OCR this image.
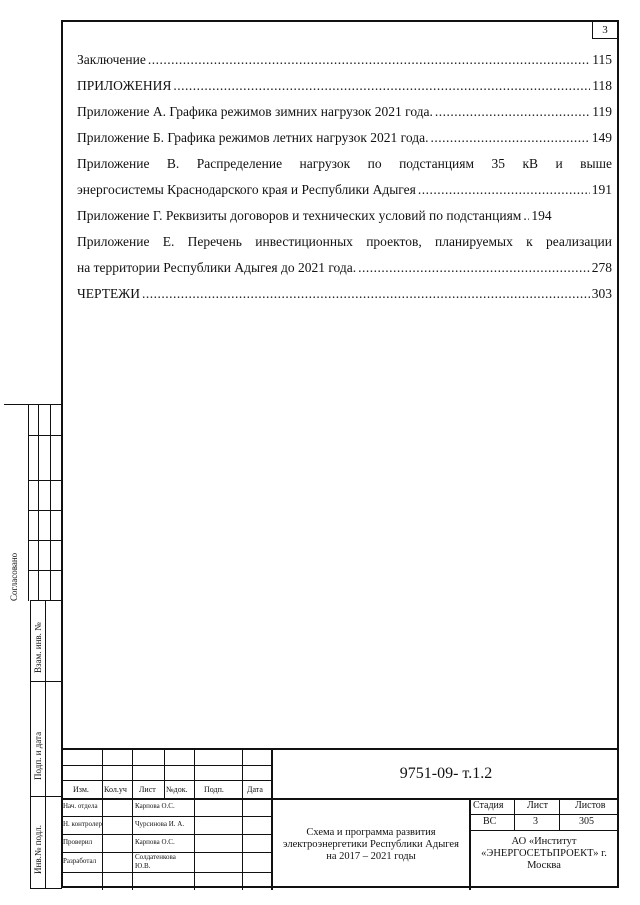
3
Заключение .....	115
ПРИЛОЖЕНИЯ .....	118
Приложение А. Графика режимов зимних нагрузок 2021 года. .....	119
Приложение Б. Графика режимов летних нагрузок 2021 года. .....	149
Приложение В. Распределение нагрузок по подстанциям 35 кВ и выше
энергосистемы Краснодарского края и Республики Адыгея .....	191
Приложение Г. Реквизиты договоров и технических условий по подстанциям ..... 194
Приложение Е. Перечень инвестиционных проектов, планируемых к реализации
на территории Республики Адыгея до 2021 года. .....	278
ЧЕРТЕЖИ .....	303
Согласовано
Взам. инв. №
Подп. и дата
Инв.№ подл.
Изм. Кол.уч Лист №док. Подп.	Дата
Нач. отдела	Карпова О.С.
Н. контролер	Чурсинова И. А.
Проверил	Карпова О.С.
Разработал	Солдатенкова Ю.В.
9751-09- т.1.2
Схема и программа развития электроэнергетики Республики Адыгея на 2017 – 2021 годы
Стадия Лист	Листов
ВС	3	305
АО «Институт «ЭНЕРГОСЕТЬПРОЕКТ» г. Москва
